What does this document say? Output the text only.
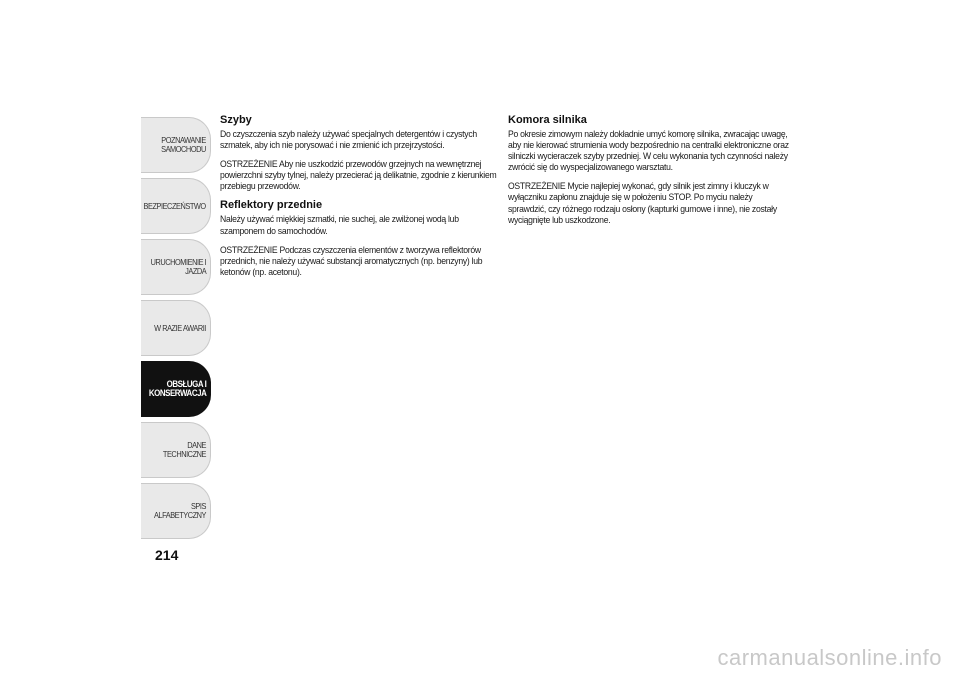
POZNAWANIE
SAMOCHODU
BEZPIECZEŃSTWO
URUCHOMIENIE I
JAZDA
W RAZIE AWARII
OBSŁUGA I
KONSERWACJA
DANE TECHNICZNE
SPIS ALFABETYCZNY
214
Szyby

Do czyszczenia szyb należy używać specjalnych detergentów i czystych szmatek, aby ich nie porysować i nie zmienić ich przejrzystości.

OSTRZEŻENIE Aby nie uszkodzić przewodów grzejnych na wewnętrznej powierzchni szyby tylnej, należy przecierać ją delikatnie, zgodnie z kierunkiem przebiegu przewodów.

Reflektory przednie

Należy używać miękkiej szmatki, nie suchej, ale zwilżonej wodą lub szamponem do samochodów.

OSTRZEŻENIE Podczas czyszczenia elementów z tworzywa reflektorów przednich, nie należy używać substancji aromatycznych (np. benzyny) lub ketonów (np. acetonu).

Komora silnika

Po okresie zimowym należy dokładnie umyć komorę silnika, zwracając uwagę, aby nie kierować strumienia wody bezpośrednio na centralki elektroniczne oraz silniczki wycieraczek szyby przedniej. W celu wykonania tych czynności należy zwrócić się do wyspecjalizowanego warsztatu.

OSTRZEŻENIE Mycie najlepiej wykonać, gdy silnik jest zimny i kluczyk w wyłączniku zapłonu znajduje się w położeniu STOP. Po myciu należy sprawdzić, czy różnego rodzaju osłony (kapturki gumowe i inne), nie zostały wyciągnięte lub uszkodzone.

carmanualsonline.info
